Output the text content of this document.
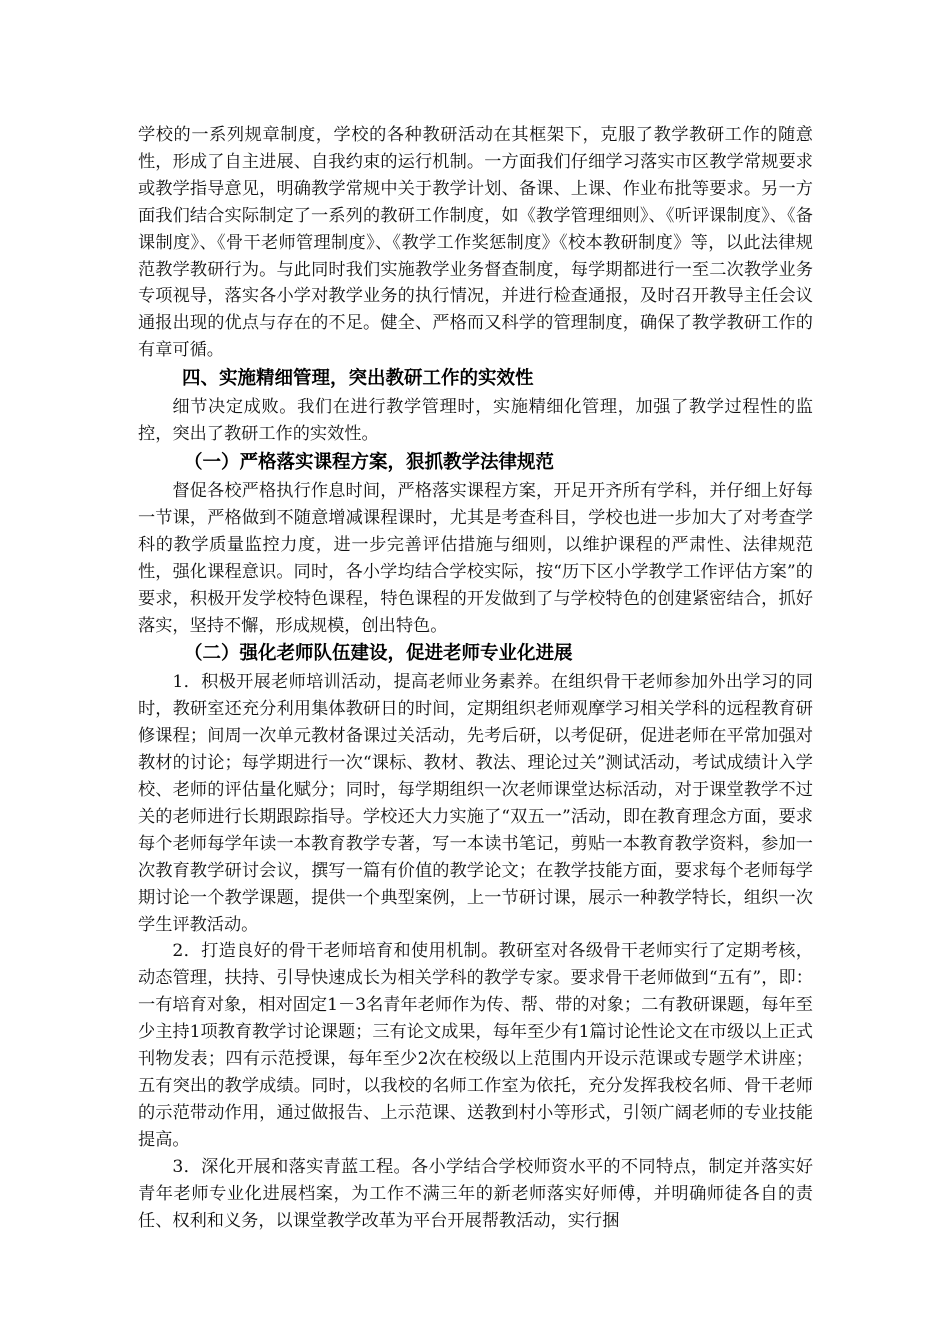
学校的一系列规章制度，学校的各种教研活动在其框架下，克服了教学教研工作的随意性，形成了自主进展、自我约束的运行机制。一方面我们仔细学习落实市区教学常规要求或教学指导意见，明确教学常规中关于教学计划、备课、上课、作业布批等要求。另一方面我们结合实际制定了一系列的教研工作制度，如《教学管理细则》、《听评课制度》、《备课制度》、《骨干老师管理制度》、《教学工作奖惩制度》《校本教研制度》等，以此法律规范教学教研行为。与此同时我们实施教学业务督查制度，每学期都进行一至二次教学业务专项视导，落实各小学对教学业务的执行情况，并进行检查通报，及时召开教导主任会议通报出现的优点与存在的不足。健全、严格而又科学的管理制度，确保了教学教研工作的有章可循。

四、实施精细管理，突出教研工作的实效性

细节决定成败。我们在进行教学管理时，实施精细化管理，加强了教学过程性的监控，突出了教研工作的实效性。

（一）严格落实课程方案，狠抓教学法律规范

督促各校严格执行作息时间，严格落实课程方案，开足开齐所有学科，并仔细上好每一节课，严格做到不随意增减课程课时，尤其是考查科目，学校也进一步加大了对考查学科的教学质量监控力度，进一步完善评估措施与细则，以维护课程的严肃性、法律规范性，强化课程意识。同时，各小学均结合学校实际，按“历下区小学教学工作评估方案”的要求，积极开发学校特色课程，特色课程的开发做到了与学校特色的创建紧密结合，抓好落实，坚持不懈，形成规模，创出特色。

（二）强化老师队伍建设，促进老师专业化进展

1．积极开展老师培训活动，提高老师业务素养。在组织骨干老师参加外出学习的同时，教研室还充分利用集体教研日的时间，定期组织老师观摩学习相关学科的远程教育研修课程；间周一次单元教材备课过关活动，先考后研，以考促研，促进老师在平常加强对教材的讨论；每学期进行一次“课标、教材、教法、理论过关”测试活动，考试成绩计入学校、老师的评估量化赋分；同时，每学期组织一次老师课堂达标活动，对于课堂教学不过关的老师进行长期跟踪指导。学校还大力实施了“双五一”活动，即在教育理念方面，要求每个老师每学年读一本教育教学专著，写一本读书笔记，剪贴一本教育教学资料，参加一次教育教学研讨会议，撰写一篇有价值的教学论文；在教学技能方面，要求每个老师每学期讨论一个教学课题，提供一个典型案例，上一节研讨课，展示一种教学特长，组织一次学生评教活动。

2．打造良好的骨干老师培育和使用机制。教研室对各级骨干老师实行了定期考核，动态管理，扶持、引导快速成长为相关学科的教学专家。要求骨干老师做到“五有”，即：一有培育对象，相对固定1－3名青年老师作为传、帮、带的对象；二有教研课题，每年至少主持1项教育教学讨论课题；三有论文成果，每年至少有1篇讨论性论文在市级以上正式刊物发表；四有示范授课，每年至少2次在校级以上范围内开设示范课或专题学术讲座；五有突出的教学成绩。同时，以我校的名师工作室为依托，充分发挥我校名师、骨干老师的示范带动作用，通过做报告、上示范课、送教到村小等形式，引领广阔老师的专业技能提高。

3．深化开展和落实青蓝工程。各小学结合学校师资水平的不同特点，制定并落实好青年老师专业化进展档案，为工作不满三年的新老师落实好师傅，并明确师徒各自的责任、权利和义务，以课堂教学改革为平台开展帮教活动，实行捆
